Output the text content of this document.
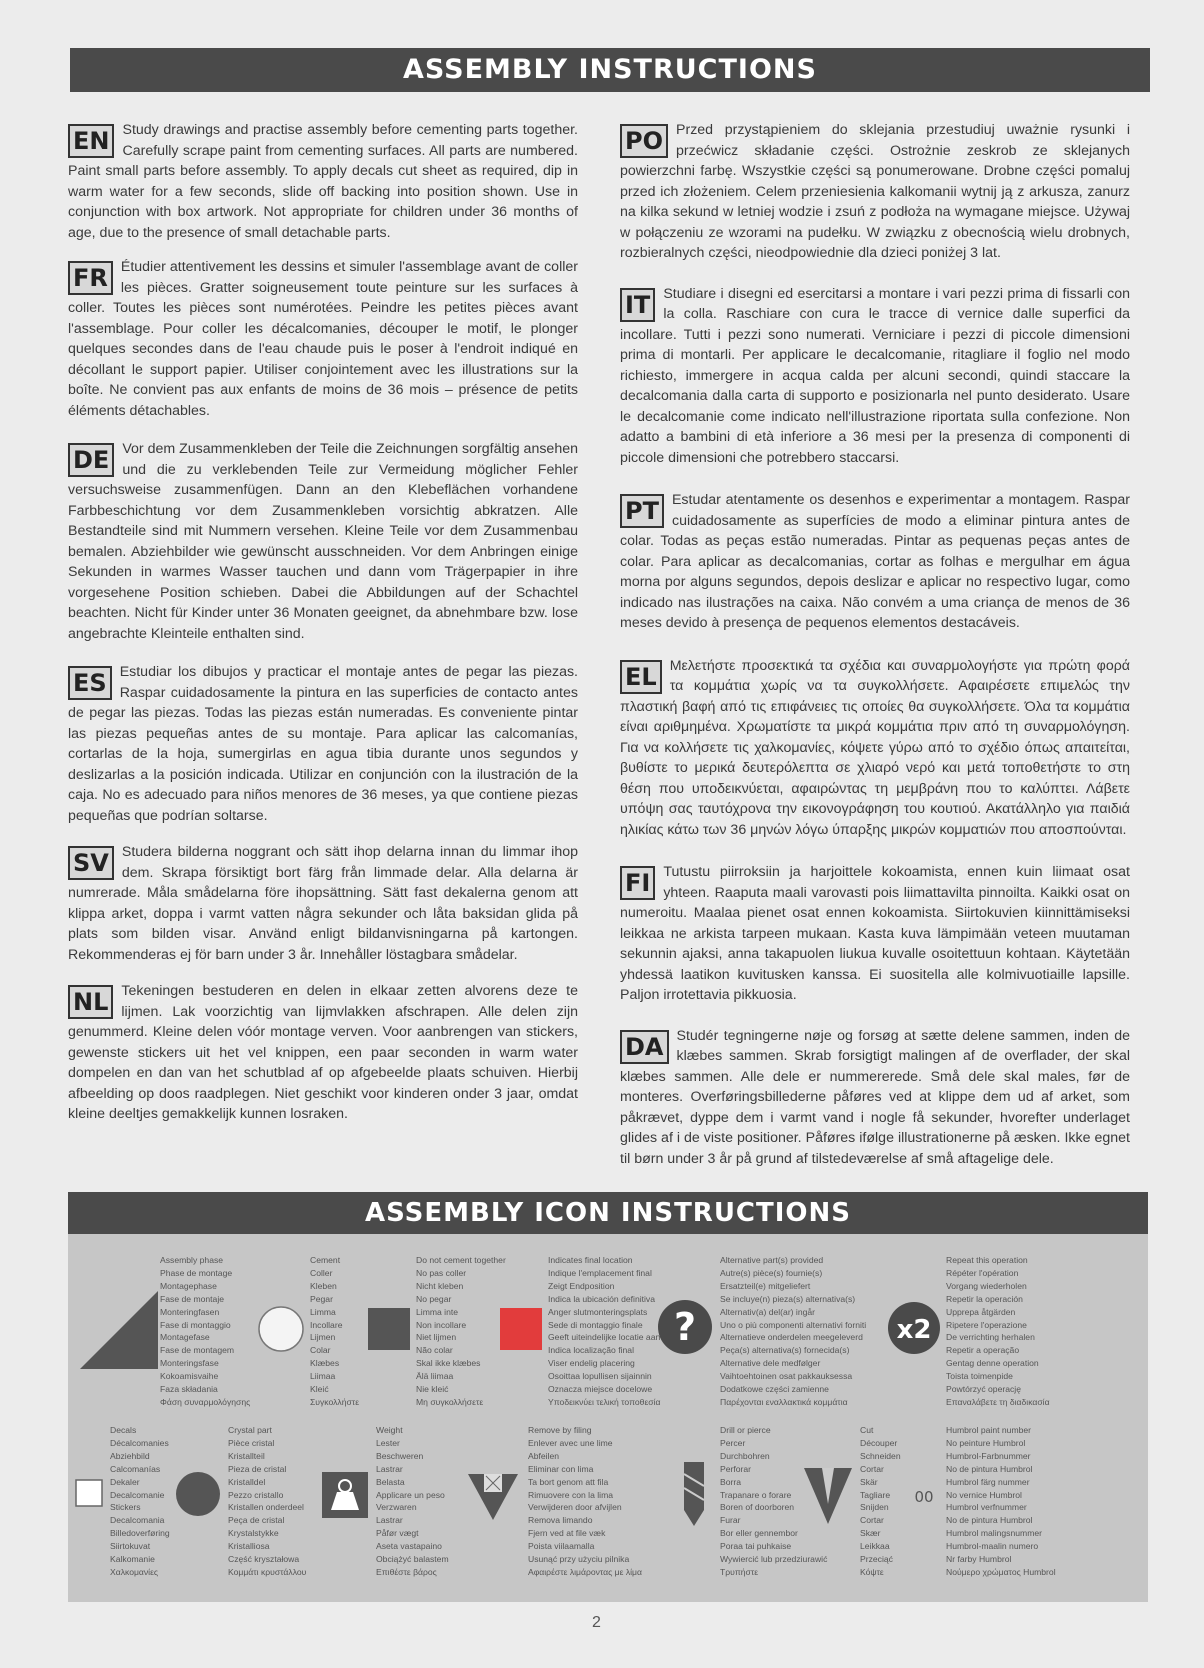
ASSEMBLY INSTRUCTIONS
EN Study drawings and practise assembly before cementing parts together. Carefully scrape paint from cementing surfaces. All parts are numbered. Paint small parts before assembly. To apply decals cut sheet as required, dip in warm water for a few seconds, slide off backing into position shown. Use in conjunction with box artwork. Not appropriate for children under 36 months of age, due to the presence of small detachable parts.
FR Étudier attentivement les dessins et simuler l'assemblage avant de coller les pièces. Gratter soigneusement toute peinture sur les surfaces à coller. Toutes les pièces sont numérotées. Peindre les petites pièces avant l'assemblage. Pour coller les décalcomanies, découper le motif, le plonger quelques secondes dans de l'eau chaude puis le poser à l'endroit indiqué en décollant le support papier. Utiliser conjointement avec les illustrations sur la boîte. Ne convient pas aux enfants de moins de 36 mois – présence de petits éléments détachables.
DE Vor dem Zusammenkleben der Teile die Zeichnungen sorgfältig ansehen und die zu verklebenden Teile zur Vermeidung möglicher Fehler versuchsweise zusammenfügen. Dann an den Klebeflächen vorhandene Farbbeschichtung vor dem Zusammenkleben vorsichtig abkratzen. Alle Bestandteile sind mit Nummern versehen. Kleine Teile vor dem Zusammenbau bemalen. Abziehbilder wie gewünscht ausschneiden. Vor dem Anbringen einige Sekunden in warmes Wasser tauchen und dann vom Trägerpapier in ihre vorgesehene Position schieben. Dabei die Abbildungen auf der Schachtel beachten. Nicht für Kinder unter 36 Monaten geeignet, da abnehmbare bzw. lose angebrachte Kleinteile enthalten sind.
ES Estudiar los dibujos y practicar el montaje antes de pegar las piezas. Raspar cuidadosamente la pintura en las superficies de contacto antes de pegar las piezas. Todas las piezas están numeradas. Es conveniente pintar las piezas pequeñas antes de su montaje. Para aplicar las calcomanías, cortarlas de la hoja, sumergirlas en agua tibia durante unos segundos y deslizarlas a la posición indicada. Utilizar en conjunción con la ilustración de la caja. No es adecuado para niños menores de 36 meses, ya que contiene piezas pequeñas que podrían soltarse.
SV Studera bilderna noggrant och sätt ihop delarna innan du limmar ihop dem. Skrapa försiktigt bort färg från limmade delar. Alla delarna är numrerade. Måla smådelarna före ihopsättning. Sätt fast dekalerna genom att klippa arket, doppa i varmt vatten några sekunder och låta baksidan glida på plats som bilden visar. Använd enligt bildanvisningarna på kartongen. Rekommenderas ej för barn under 3 år. Innehåller löstagbara smådelar.
NL Tekeningen bestuderen en delen in elkaar zetten alvorens deze te lijmen. Lak voorzichtig van lijmvlakken afschrapen. Alle delen zijn genummerd. Kleine delen vóór montage verven. Voor aanbrengen van stickers, gewenste stickers uit het vel knippen, een paar seconden in warm water dompelen en dan van het schutblad af op afgebeelde plaats schuiven. Hierbij afbeelding op doos raadplegen. Niet geschikt voor kinderen onder 3 jaar, omdat kleine deeltjes gemakkelijk kunnen losraken.
PO Przed przystąpieniem do sklejania przestudiuj uważnie rysunki i przećwicz składanie części. Ostrożnie zeskrob ze sklejanych powierzchni farbę. Wszystkie części są ponumerowane. Drobne części pomaluj przed ich złożeniem. Celem przeniesienia kalkomanii wytnij ją z arkusza, zanurz na kilka sekund w letniej wodzie i zsuń z podłoża na wymagane miejsce. Używaj w połączeniu ze wzorami na pudełku. W związku z obecnością wielu drobnych, rozbieralnych części, nieodpowiednie dla dzieci poniżej 3 lat.
IT Studiare i disegni ed esercitarsi a montare i vari pezzi prima di fissarli con la colla. Raschiare con cura le tracce di vernice dalle superfici da incollare. Tutti i pezzi sono numerati. Verniciare i pezzi di piccole dimensioni prima di montarli. Per applicare le decalcomanie, ritagliare il foglio nel modo richiesto, immergere in acqua calda per alcuni secondi, quindi staccare la decalcomania dalla carta di supporto e posizionarla nel punto desiderato. Usare le decalcomanie come indicato nell'illustrazione riportata sulla confezione. Non adatto a bambini di età inferiore a 36 mesi per la presenza di componenti di piccole dimensioni che potrebbero staccarsi.
PT Estudar atentamente os desenhos e experimentar a montagem. Raspar cuidadosamente as superfícies de modo a eliminar pintura antes de colar. Todas as peças estão numeradas. Pintar as pequenas peças antes de colar. Para aplicar as decalcomanias, cortar as folhas e mergulhar em água morna por alguns segundos, depois deslizar e aplicar no respectivo lugar, como indicado nas ilustrações na caixa. Não convém a uma criança de menos de 36 meses devido à presença de pequenos elementos destacáveis.
EL Μελετήστε προσεκτικά τα σχέδια και συναρμολογήστε για πρώτη φορά τα κομμάτια χωρίς να τα συγκολλήσετε. Αφαιρέσετε επιμελώς την πλαστική βαφή από τις επιφάνειες τις οποίες θα συγκολλήσετε. Όλα τα κομμάτια είναι αριθμημένα. Χρωματίστε τα μικρά κομμάτια πριν από τη συναρμολόγηση. Για να κολλήσετε τις χαλκομανίες, κόψετε γύρω από το σχέδιο όπως απαιτείται, βυθίστε το μερικά δευτερόλεπτα σε χλιαρό νερό και μετά τοποθετήστε το στη θέση που υποδεικνύεται, αφαιρώντας τη μεμβράνη που το καλύπτει. Λάβετε υπόψη σας ταυτόχρονα την εικονογράφηση του κουτιού. Ακατάλληλο για παιδιά ηλικίας κάτω των 36 μηνών λόγω ύπαρξης μικρών κομματιών που αποσπούνται.
FI Tutustu piirroksiin ja harjoittele kokoamista, ennen kuin liimaat osat yhteen. Raaputa maali varovasti pois liimattavilta pinnoilta. Kaikki osat on numeroitu. Maalaa pienet osat ennen kokoamista. Siirtokuvien kiinnittämiseksi leikkaa ne arkista tarpeen mukaan. Kasta kuva lämpimään veteen muutaman sekunnin ajaksi, anna takapuolen liukua kuvalle osoitettuun kohtaan. Käytetään yhdessä laatikon kuvitusken kanssa. Ei suositella alle kolmivuotiaille lapsille. Paljon irrotettavia pikkuosia.
DA Studér tegningerne nøje og forsøg at sætte delene sammen, inden de klæbes sammen. Skrab forsigtigt malingen af de overflader, der skal klæbes sammen. Alle dele er nummererede. Små dele skal males, før de monteres. Overføringsbillederne påføres ved at klippe dem ud af arket, som påkrævet, dyppe dem i varmt vand i nogle få sekunder, hvorefter underlaget glides af i de viste positioner. Påføres ifølge illustrationerne på æsken. Ikke egnet til børn under 3 år på grund af tilstedeværelse af små aftagelige dele.
ASSEMBLY ICON INSTRUCTIONS
Assembly phase
Phase de montage
Montagephase
Fase de montaje
Monteringfasen
Fase di montaggio
Montagefase
Fase de montagem
Monteringsfase
Kokoamisvaihe
Faza składania
Φάση συναρμολόγησης
Cement
Coller
Kleben
Pegar
Limma
Incollare
Lijmen
Colar
Klæbes
Liimaa
Kleić
Συγκολλήστε
Do not cement together
No pas coller
Nicht kleben
No pegar
Limma inte
Non incollare
Niet lijmen
Não colar
Skal ikke klæbes
Älä liimaa
Nie kleić
Μη συγκολλήσετε
Indicates final location
Indique l'emplacement final
Zeigt Endposition
Indica la ubicación definitiva
Anger slutmonteringsplats
Sede di montaggio finale
Geeft uiteindelijke locatie aan
Indica localização final
Viser endelig placering
Osoittaa lopullisen sijainnin
Oznacza miejsce docelowe
Υποδεικνύει τελική τοποθεσία
?
Alternative part(s) provided
Autre(s) pièce(s) fournie(s)
Ersatzteil(e) mitgeliefert
Se incluye(n) pieza(s) alternativa(s)
Alternativ(a) del(ar) ingår
Uno o più componenti alternativi forniti
Alternatieve onderdelen meegeleverd
Peça(s) alternativa(s) fornecida(s)
Alternative dele medfølger
Vaihtoehtoinen osat pakkauksessa
Dodatkowe części zamienne
Παρέχονται εναλλακτικά κομμάτια
x2
Repeat this operation
Répéter l'opération
Vorgang wiederholen
Repetir la operación
Upprepa åtgärden
Ripetere l'operazione
De verrichting herhalen
Repetir a operação
Gentag denne operation
Toista toimenpide
Powtórzyć operację
Επαναλάβετε τη διαδικασία
Decals
Décalcomanies
Abziehbild
Calcomanías
Dekaler
Decalcomanie
Stickers
Decalcomania
Billedoverføring
Siirtokuvat
Kalkomanie
Χαλκομανίες
Crystal part
Pièce cristal
Kristallteil
Pieza de cristal
Kristalldel
Pezzo cristallo
Kristallen onderdeel
Peça de cristal
Krystalstykke
Kristalliosa
Część kryształowa
Κομμάτι κρυστάλλου
Weight
Lester
Beschweren
Lastrar
Belasta
Applicare un peso
Verzwaren
Lastrar
Påfør vægt
Aseta vastapaino
Obciążyć balastem
Επιθέστε βάρος
Remove by filing
Enlever avec une lime
Abfeilen
Eliminar con lima
Ta bort genom att fila
Rimuovere con la lima
Verwijderen door afvijlen
Remova limando
Fjern ved at file væk
Poista viilaamalla
Usunąć przy użyciu pilnika
Αφαιρέστε λιμάροντας με λίμα
Drill or pierce
Percer
Durchbohren
Perforar
Borra
Trapanare o forare
Boren of doorboren
Furar
Bor eller gennembor
Poraa tai puhkaise
Wywiercić lub przedziurawić
Τρυπήστε
Cut
Découper
Schneiden
Cortar
Skär
Tagliare
Snijden
Cortar
Skær
Leikkaa
Przeciąć
Κόψτε
00
Humbrol paint number
No peinture Humbrol
Humbrol-Farbnummer
No de pintura Humbrol
Humbrol färg nummer
No vernice Humbrol
Humbrol verfnummer
No de pintura Humbrol
Humbrol malingsnummer
Humbrol-maalin numero
Nr farby Humbrol
Νούμερο χρώματος Humbrol
2
